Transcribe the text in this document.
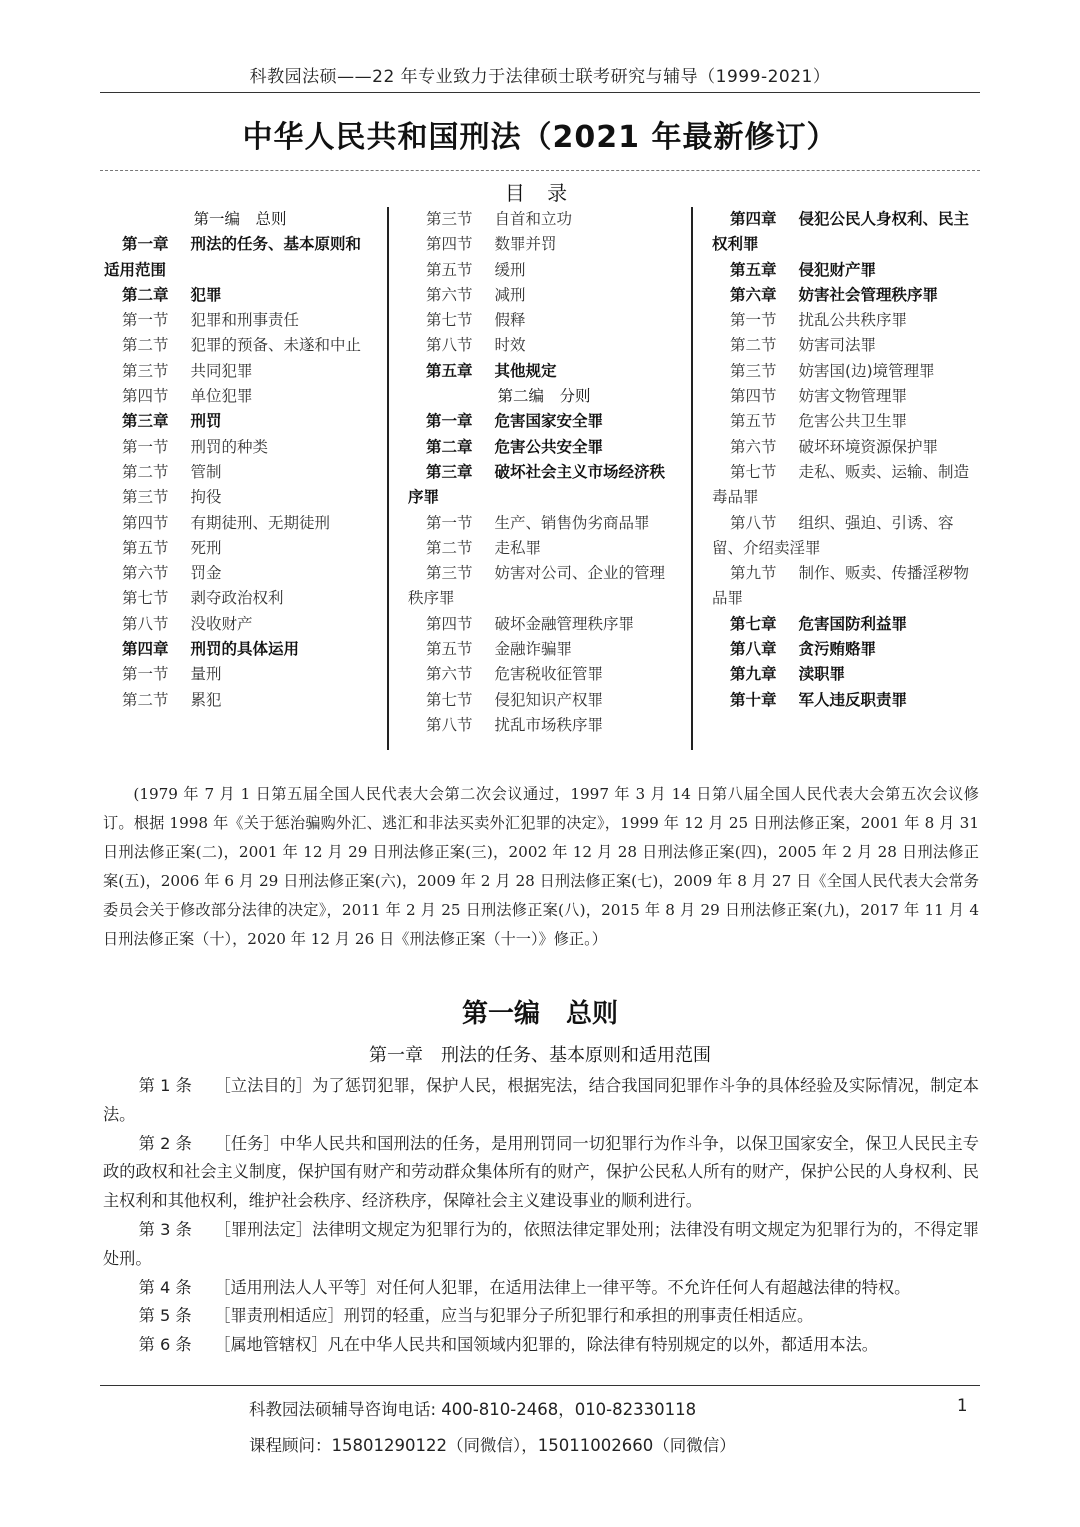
科教园法硕——22 年专业致力于法律硕士联考研究与辅导（1999-2021）
中华人民共和国刑法（2021 年最新修订）
目 录
第一编　总则
第一章 刑法的任务、基本原则和适用范围
第二章 犯罪
第一节 犯罪和刑事责任
第二节 犯罪的预备、未遂和中止
第三节 共同犯罪
第四节 单位犯罪
第三章 刑罚
第一节 刑罚的种类
第二节 管制
第三节 拘役
第四节 有期徒刑、无期徒刑
第五节 死刑
第六节 罚金
第七节 剥夺政治权利
第八节 没收财产
第四章 刑罚的具体运用
第一节 量刑
第二节 累犯
第三节 自首和立功
第四节 数罪并罚
第五节 缓刑
第六节 减刑
第七节 假释
第八节 时效
第五章 其他规定
第二编　分则
第一章 危害国家安全罪
第二章 危害公共安全罪
第三章 破坏社会主义市场经济秩序罪
第一节 生产、销售伪劣商品罪
第二节 走私罪
第三节 妨害对公司、企业的管理秩序罪
第四节 破坏金融管理秩序罪
第五节 金融诈骗罪
第六节 危害税收征管罪
第七节 侵犯知识产权罪
第八节 扰乱市场秩序罪
第四章 侵犯公民人身权利、民主权利罪
第五章 侵犯财产罪
第六章 妨害社会管理秩序罪
第一节 扰乱公共秩序罪
第二节 妨害司法罪
第三节 妨害国(边)境管理罪
第四节 妨害文物管理罪
第五节 危害公共卫生罪
第六节 破坏环境资源保护罪
第七节 走私、贩卖、运输、制造毒品罪
第八节 组织、强迫、引诱、容留、介绍卖淫罪
第九节 制作、贩卖、传播淫秽物品罪
第七章 危害国防利益罪
第八章 贪污贿赂罪
第九章 渎职罪
第十章 军人违反职责罪
(1979 年 7 月 1 日第五届全国人民代表大会第二次会议通过，1997 年 3 月 14 日第八届全国人民代表大会第五次会议修订。根据 1998 年《关于惩治骗购外汇、逃汇和非法买卖外汇犯罪的决定》，1999 年 12 月 25 日刑法修正案，2001 年 8 月 31 日刑法修正案(二)，2001 年 12 月 29 日刑法修正案(三)，2002 年 12 月 28 日刑法修正案(四)，2005 年 2 月 28 日刑法修正案(五)，2006 年 6 月 29 日刑法修正案(六)，2009 年 2 月 28 日刑法修正案(七)，2009 年 8 月 27 日《全国人民代表大会常务委员会关于修改部分法律的决定》，2011 年 2 月 25 日刑法修正案(八)，2015 年 8 月 29 日刑法修正案(九)，2017 年 11 月 4 日刑法修正案（十），2020 年 12 月 26 日《刑法修正案（十一）》修正。）
第一编　总则
第一章　刑法的任务、基本原则和适用范围
第 1 条 ［立法目的］为了惩罚犯罪，保护人民，根据宪法，结合我国同犯罪作斗争的具体经验及实际情况，制定本法。
第 2 条 ［任务］中华人民共和国刑法的任务，是用刑罚同一切犯罪行为作斗争，以保卫国家安全，保卫人民民主专政的政权和社会主义制度，保护国有财产和劳动群众集体所有的财产，保护公民私人所有的财产，保护公民的人身权利、民主权利和其他权利，维护社会秩序、经济秩序，保障社会主义建设事业的顺利进行。
第 3 条 ［罪刑法定］法律明文规定为犯罪行为的，依照法律定罪处刑；法律没有明文规定为犯罪行为的，不得定罪处刑。
第 4 条 ［适用刑法人人平等］对任何人犯罪，在适用法律上一律平等。不允许任何人有超越法律的特权。
第 5 条 ［罪责刑相适应］刑罚的轻重，应当与犯罪分子所犯罪行和承担的刑事责任相适应。
第 6 条 ［属地管辖权］凡在中华人民共和国领域内犯罪的，除法律有特别规定的以外，都适用本法。
科教园法硕辅导咨询电话: 400-810-2468，010-82330118
课程顾问：15801290122（同微信），15011002660（同微信）
1
